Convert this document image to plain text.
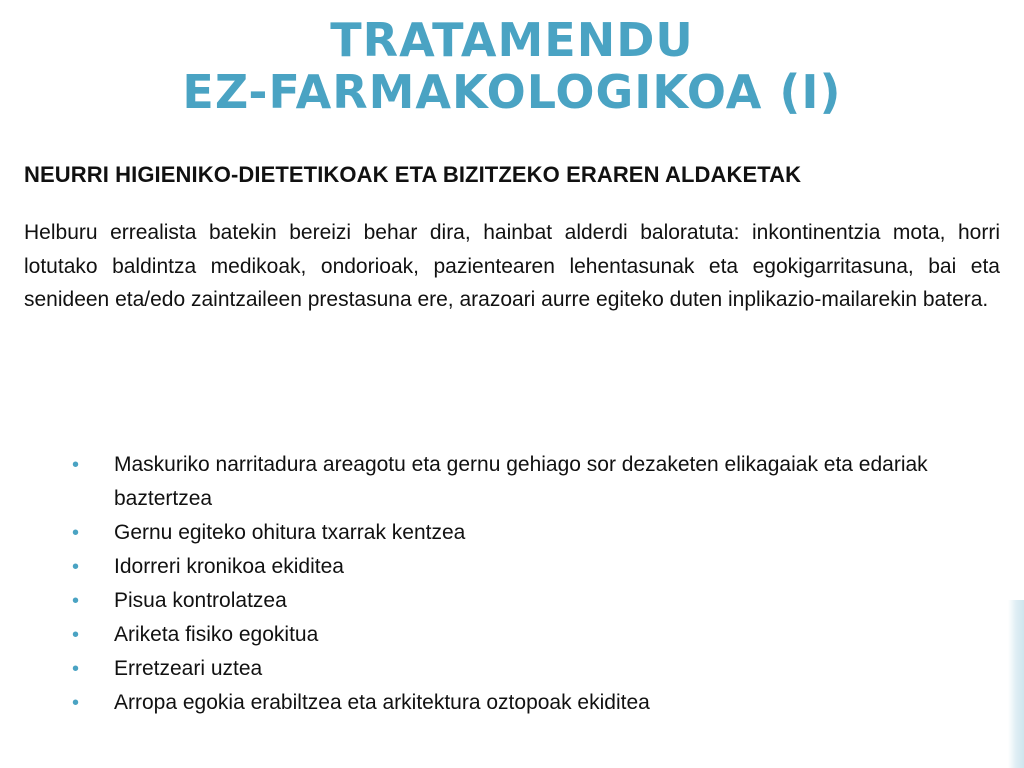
TRATAMENDU
EZ-FARMAKOLOGIKOA (I)
NEURRI HIGIENIKO-DIETETIKOAK ETA BIZITZEKO ERAREN ALDAKETAK

Helburu errealista batekin bereizi behar dira, hainbat alderdi baloratuta: inkontinentzia mota, horri lotutako baldintza medikoak, ondorioak, pazientearen lehentasunak eta egokigarritasuna, bai eta senideen eta/edo zaintzaileen prestasuna ere, arazoari aurre egiteko duten inplikazio-mailarekin batera.

• Maskuriko narritadura areagotu eta gernu gehiago sor dezaketen elikagaiak eta edariak baztertzea
• Gernu egiteko ohitura txarrak kentzea
• Idorreri kronikoa ekiditea
• Pisua kontrolatzea
• Ariketa fisiko egokitua
• Erretzeari uztea
• Arropa egokia erabiltzea eta arkitektura oztopoak ekiditea
